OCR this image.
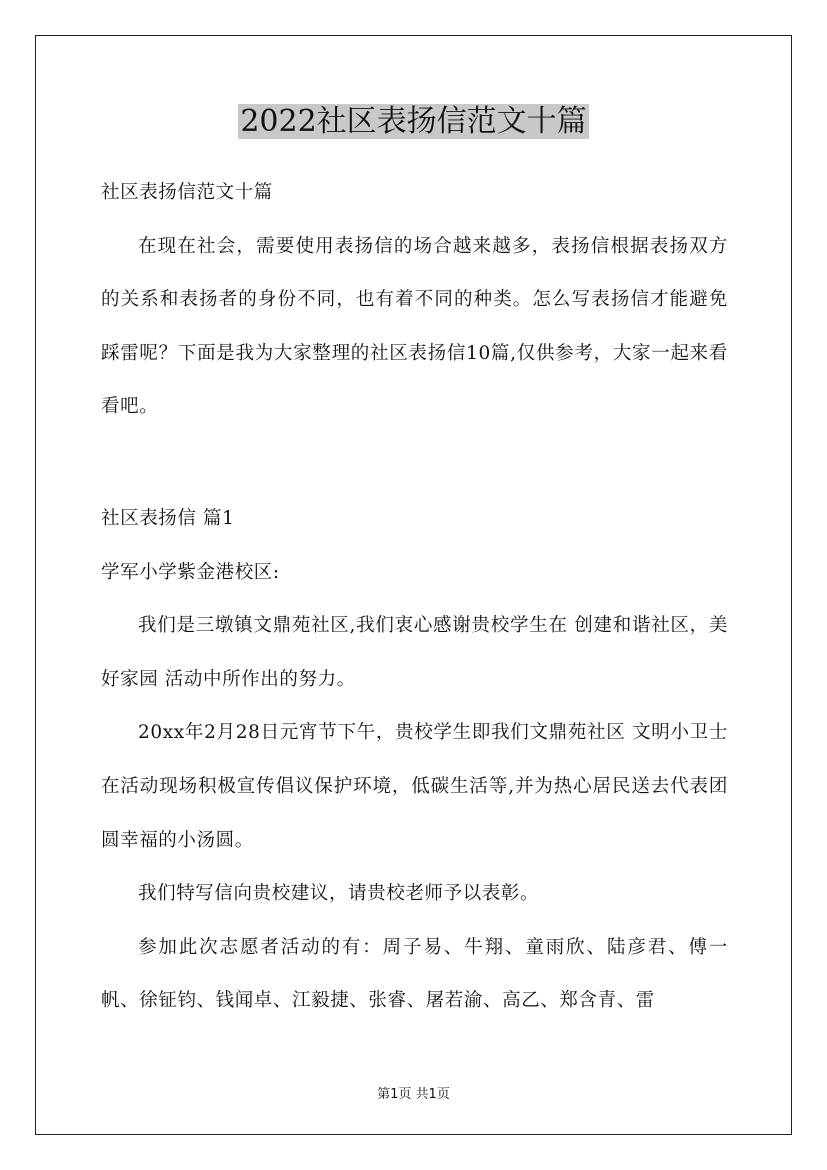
2022社区表扬信范文十篇

社区表扬信范文十篇

在现在社会，需要使用表扬信的场合越来越多，表扬信根据表扬双方的关系和表扬者的身份不同，也有着不同的种类。怎么写表扬信才能避免踩雷呢？下面是我为大家整理的社区表扬信10篇,仅供参考，大家一起来看看吧。

社区表扬信 篇1

学军小学紫金港校区:

我们是三墩镇文鼎苑社区,我们衷心感谢贵校学生在 创建和谐社区，美好家园 活动中所作出的努力。

20xx年2月28日元宵节下午，贵校学生即我们文鼎苑社区 文明小卫士 在活动现场积极宣传倡议保护环境，低碳生活等,并为热心居民送去代表团圆幸福的小汤圆。

我们特写信向贵校建议，请贵校老师予以表彰。

参加此次志愿者活动的有：周子易、牛翔、童雨欣、陆彦君、傅一帆、徐钲钧、钱闻卓、江毅捷、张睿、屠若渝、高乙、郑含青、雷

第1页 共1页
